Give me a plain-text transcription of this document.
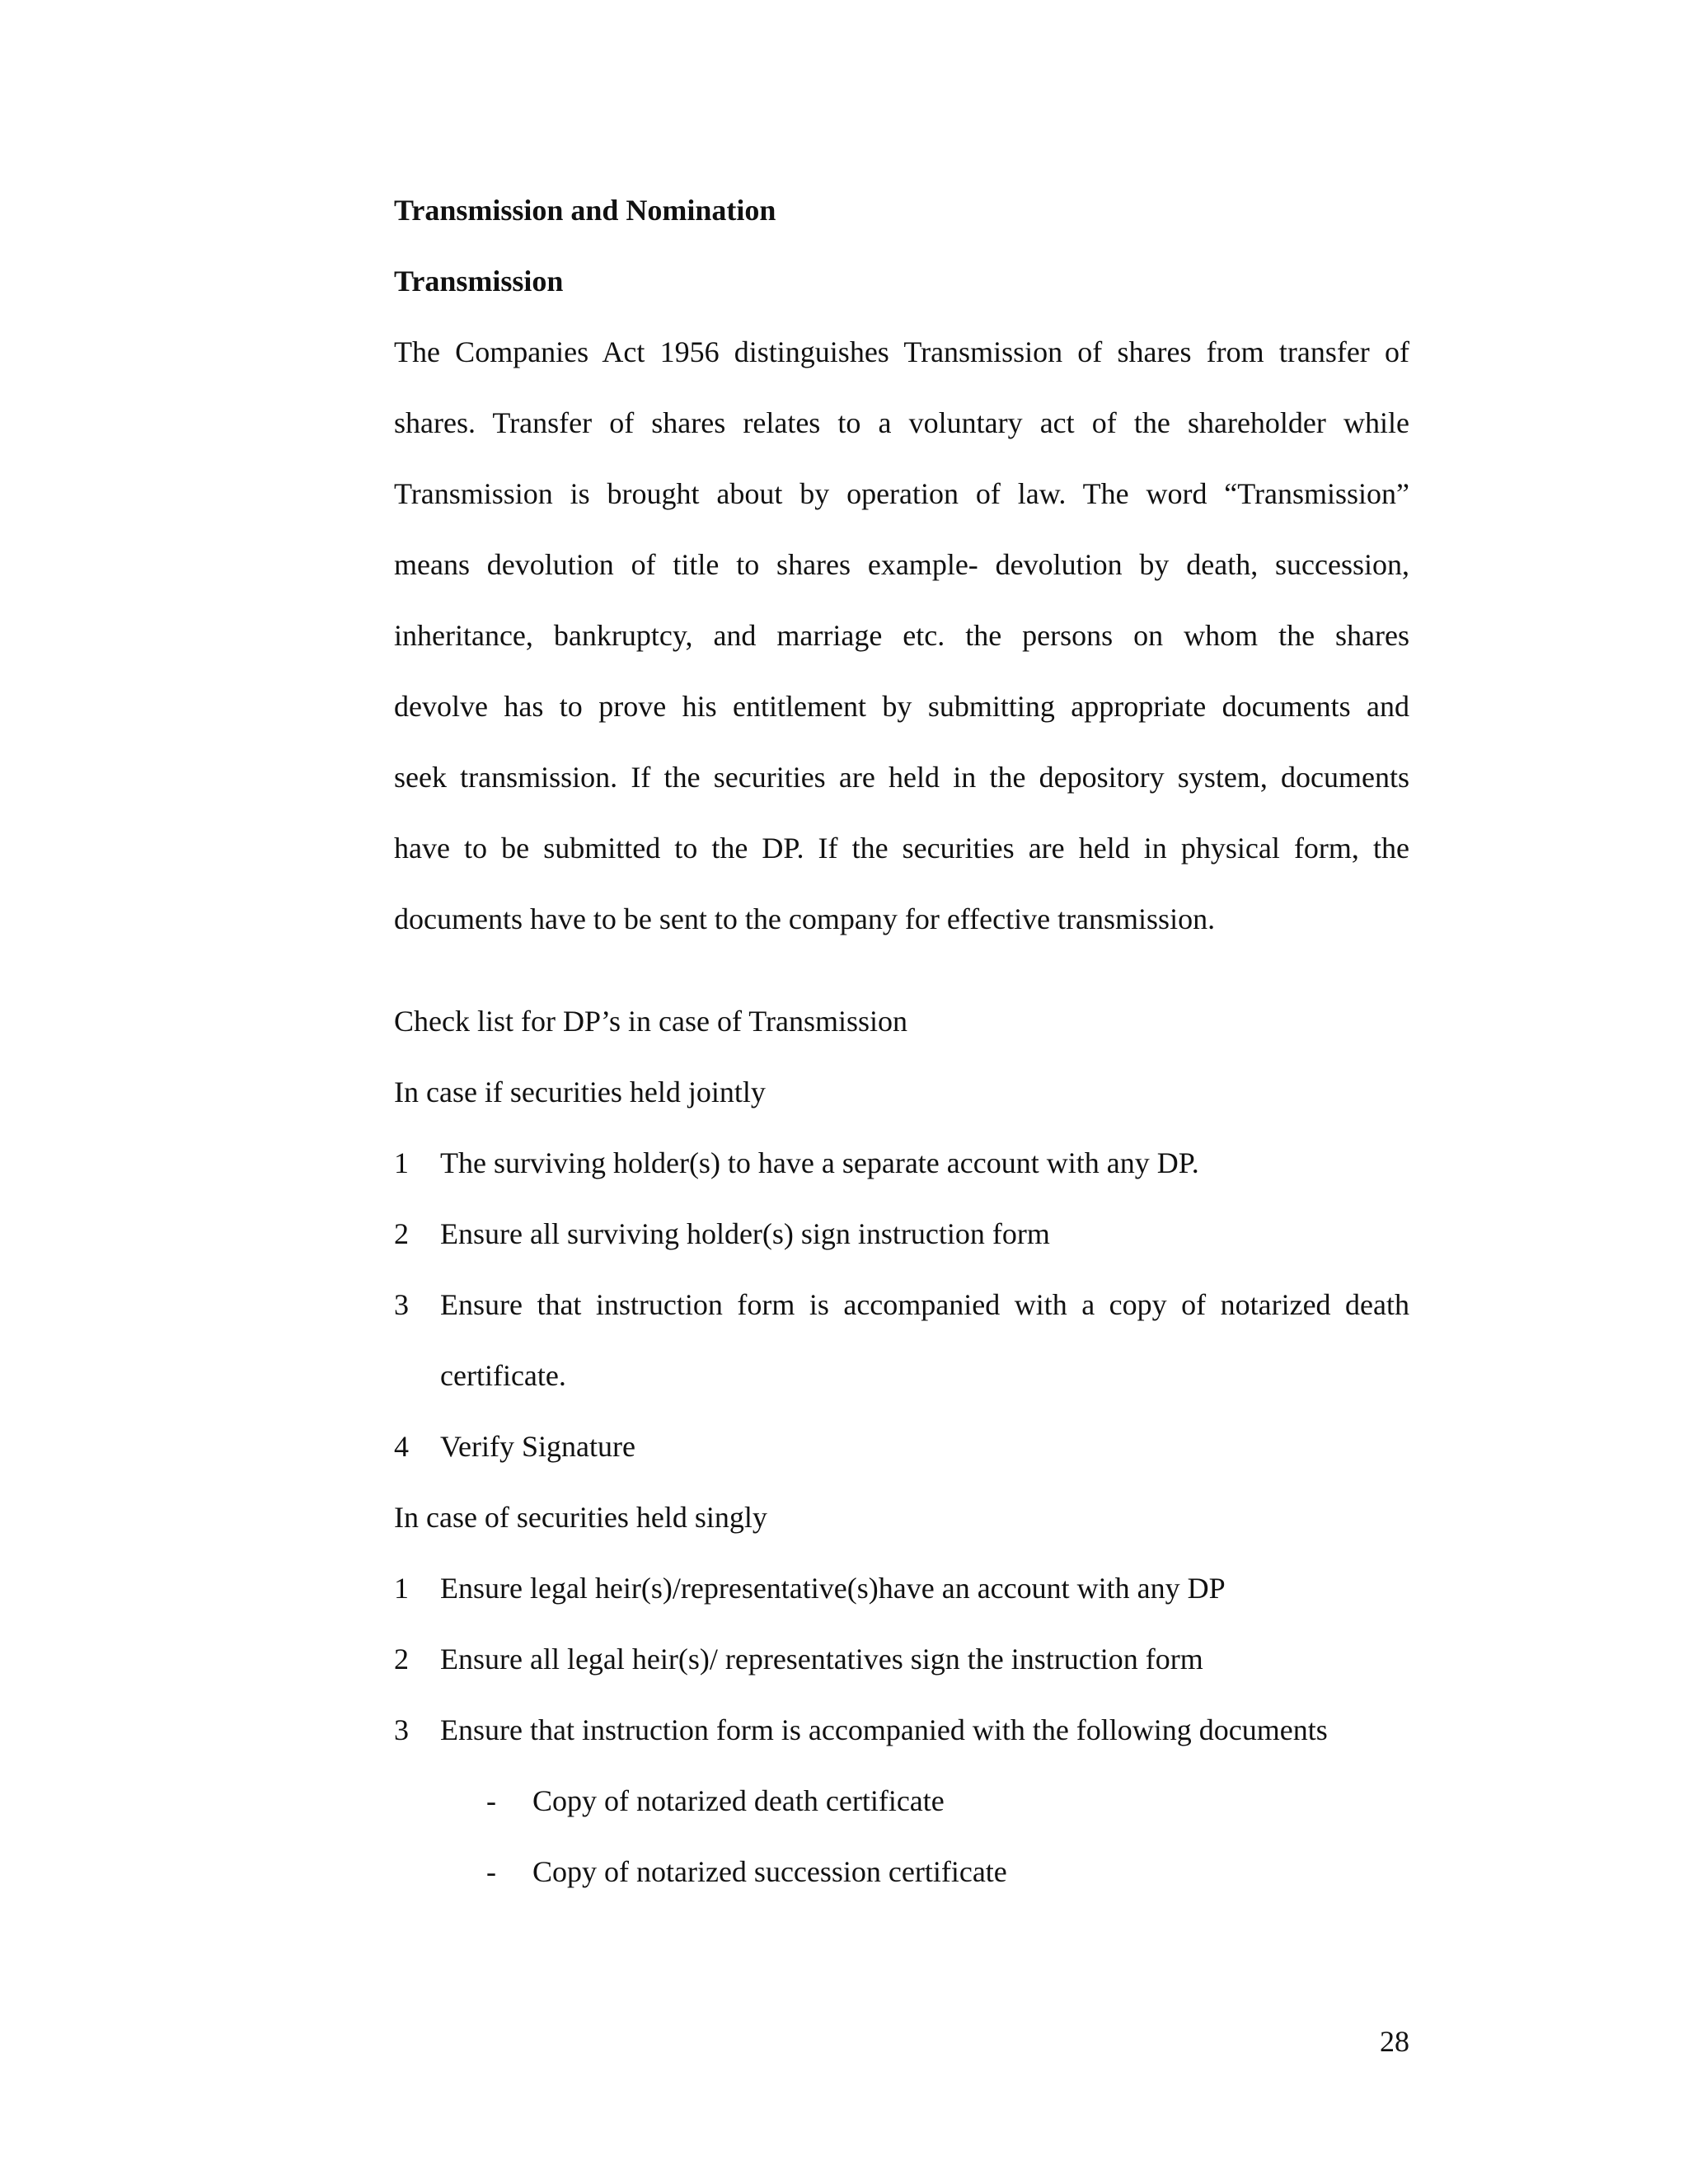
Transmission and Nomination
Transmission
The Companies Act 1956 distinguishes Transmission of shares from transfer of
shares. Transfer of shares relates to a voluntary act of the shareholder while
Transmission is brought about by operation of law. The word “Transmission”
means devolution of title to shares example- devolution by death, succession,
inheritance, bankruptcy, and marriage etc. the persons on whom the shares
devolve has to prove his entitlement by submitting appropriate documents and
seek transmission. If the securities are held in the depository system, documents
have to be submitted to the DP. If the securities are held in physical form, the
documents have to be sent to the company for effective transmission.
Check list for DP’s in case of Transmission
In case if securities held jointly
1	The surviving holder(s) to have a separate account with any DP.
2	Ensure all surviving holder(s) sign instruction form
3	Ensure that instruction form is accompanied with a copy of notarized death
certificate.
4	Verify Signature
In case of securities held singly
1	Ensure legal heir(s)/representative(s)have an account with any DP
2	Ensure all legal heir(s)/ representatives sign the instruction form
3	Ensure that instruction form is accompanied with the following documents
-	Copy of notarized death certificate
-	Copy of notarized succession certificate
28
